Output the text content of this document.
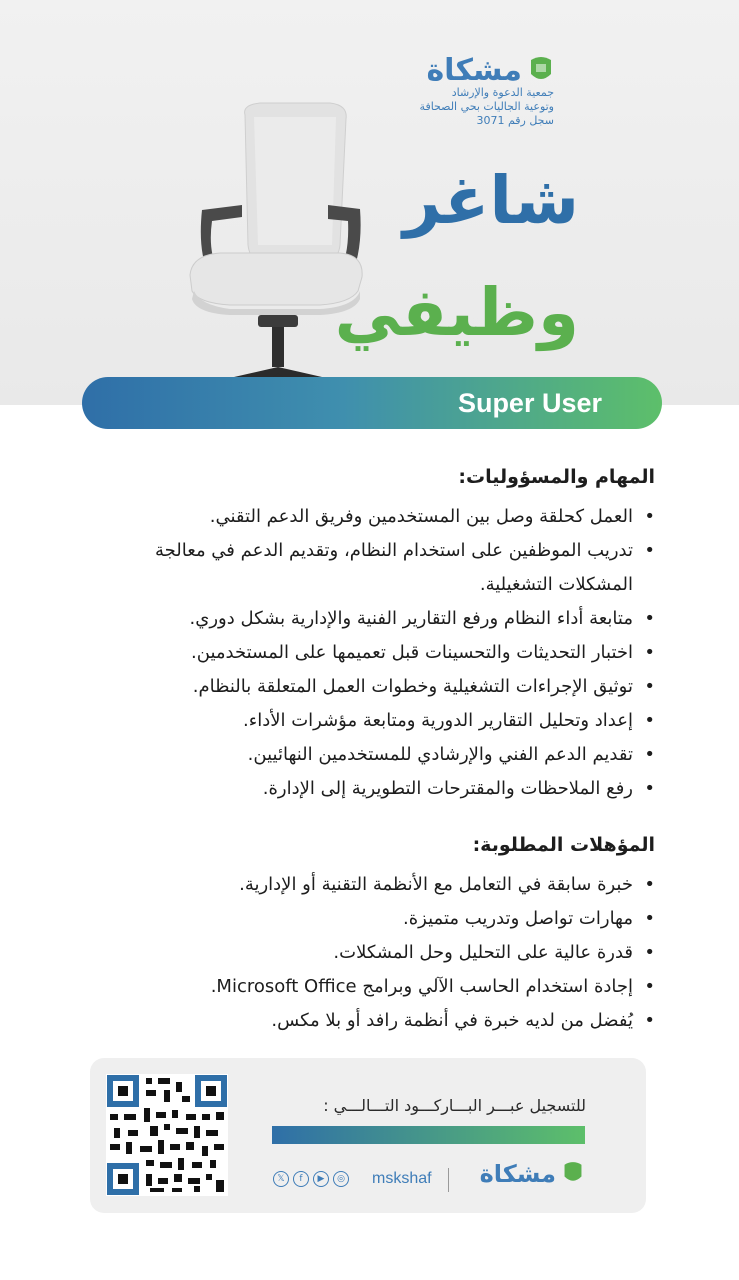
مشكاة
جمعية الدعوة والإرشاد
وتوعية الجاليات بحي الصحافة
سجل رقم 3071
شاغر
وظيفي
Super User
المهام والمسؤوليات:
• العمل كحلقة وصل بين المستخدمين وفريق الدعم التقني.
• تدريب الموظفين على استخدام النظام، وتقديم الدعم في معالجة المشكلات التشغيلية.
• متابعة أداء النظام ورفع التقارير الفنية والإدارية بشكل دوري.
• اختبار التحديثات والتحسينات قبل تعميمها على المستخدمين.
• توثيق الإجراءات التشغيلية وخطوات العمل المتعلقة بالنظام.
• إعداد وتحليل التقارير الدورية ومتابعة مؤشرات الأداء.
• تقديم الدعم الفني والإرشادي للمستخدمين النهائيين.
• رفع الملاحظات والمقترحات التطويرية إلى الإدارة.
المؤهلات المطلوبة:
• خبرة سابقة في التعامل مع الأنظمة التقنية أو الإدارية.
• مهارات تواصل وتدريب متميزة.
• قدرة عالية على التحليل وحل المشكلات.
• إجادة استخدام الحاسب الآلي وبرامج Microsoft Office.
• يُفضل من لديه خبرة في أنظمة رافد أو بلا مكس.
للتسجيل عبـــر البـــاركـــود التـــالـــي :
مشكاة
mskshaf
𝕏	f	▶	◎
